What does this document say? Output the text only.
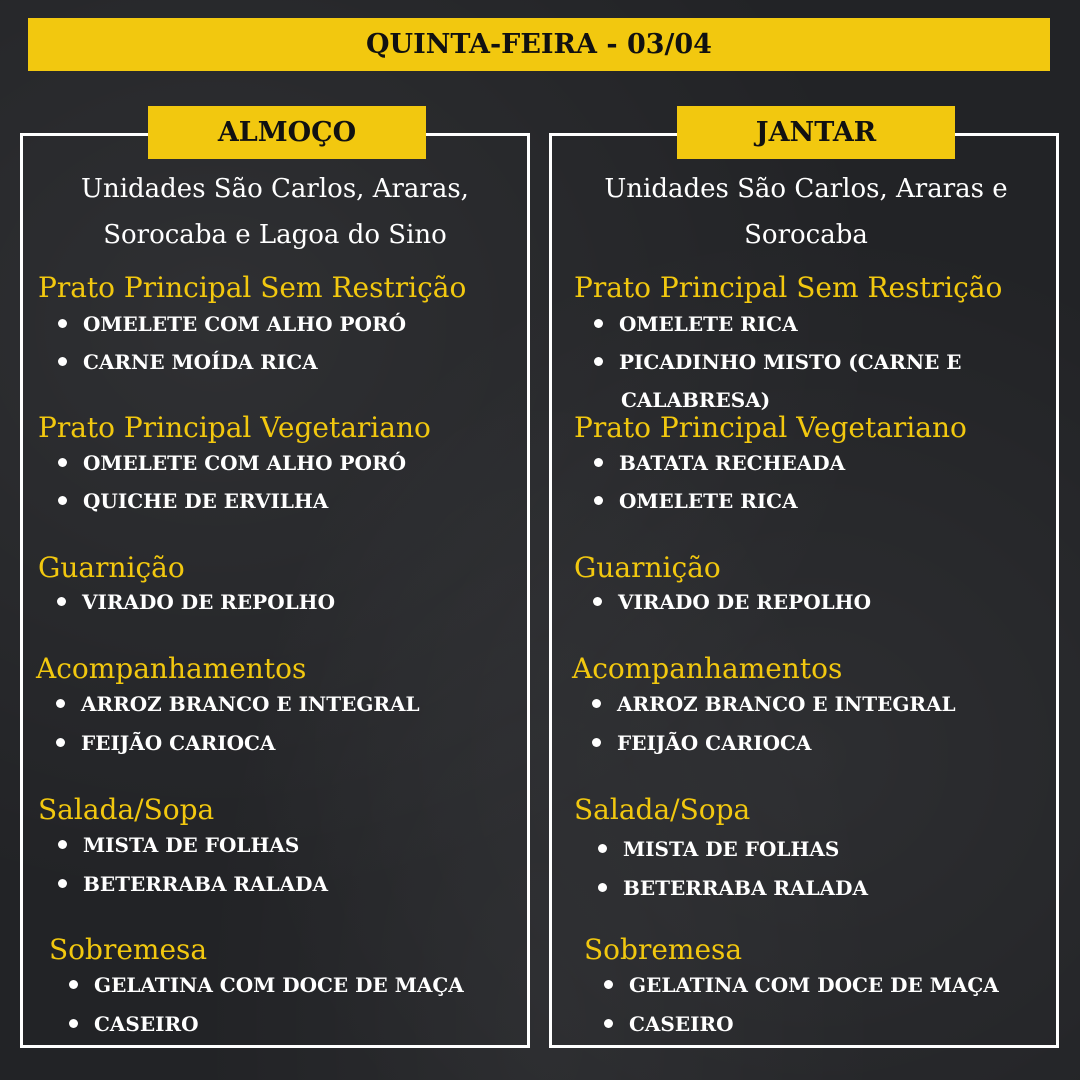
QUINTA-FEIRA - 03/04
ALMOÇO	JANTAR
Unidades São Carlos, Araras, Sorocaba e Lagoa do Sino
Unidades São Carlos, Araras e Sorocaba
Prato Principal Sem Restrição
OMELETE COM ALHO PORÓ
CARNE MOÍDA RICA
Prato Principal Vegetariano
OMELETE COM ALHO PORÓ
QUICHE DE ERVILHA
Guarnição
VIRADO DE REPOLHO
Acompanhamentos
ARROZ BRANCO E INTEGRAL
FEIJÃO CARIOCA
Salada/Sopa
MISTA DE FOLHAS
BETERRABA RALADA
Sobremesa
GELATINA COM DOCE DE MAÇA
CASEIRO
Prato Principal Sem Restrição
OMELETE RICA
PICADINHO MISTO (CARNE E CALABRESA)
Prato Principal Vegetariano
BATATA RECHEADA
OMELETE RICA
Guarnição
VIRADO DE REPOLHO
Acompanhamentos
ARROZ BRANCO E INTEGRAL
FEIJÃO CARIOCA
Salada/Sopa
MISTA DE FOLHAS
BETERRABA RALADA
Sobremesa
GELATINA COM DOCE DE MAÇA
CASEIRO
